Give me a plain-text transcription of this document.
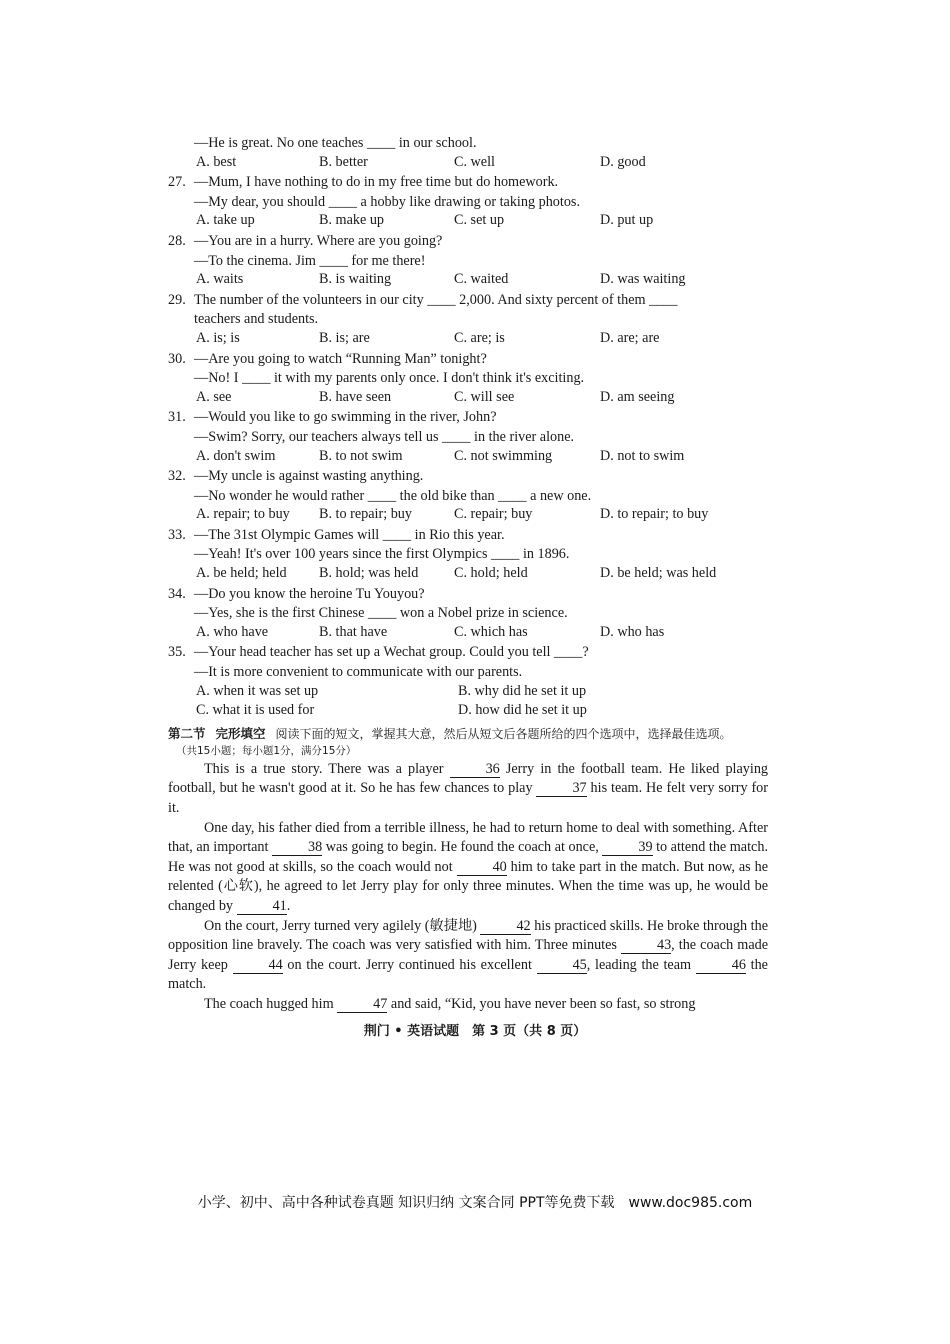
—He is great. No one teaches ____ in our school.
A. best	B. better	C. well	D. good
27. —Mum, I have nothing to do in my free time but do homework.
—My dear, you should ____ a hobby like drawing or taking photos.
A. take up	B. make up	C. set up	D. put up
28. —You are in a hurry. Where are you going?
—To the cinema. Jim ____ for me there!
A. waits	B. is waiting	C. waited	D. was waiting
29. The number of the volunteers in our city ____ 2,000. And sixty percent of them ____
teachers and students.
A. is; is	B. is; are	C. are; is	D. are; are
30. —Are you going to watch “Running Man” tonight?
—No! I ____ it with my parents only once. I don't think it's exciting.
A. see	B. have seen	C. will see	D. am seeing
31. —Would you like to go swimming in the river, John?
—Swim? Sorry, our teachers always tell us ____ in the river alone.
A. don't swim	B. to not swim	C. not swimming	D. not to swim
32. —My uncle is against wasting anything.
—No wonder he would rather ____ the old bike than ____ a new one.
A. repair; to buy B. to repair; buy	C. repair; buy	D. to repair; to buy
33. —The 31st Olympic Games will ____ in Rio this year.
—Yeah! It's over 100 years since the first Olympics ____ in 1896.
A. be held; held B. hold; was held	C. hold; held	D. be held; was held
34. —Do you know the heroine Tu Youyou?
—Yes, she is the first Chinese ____ won a Nobel prize in science.
A. who have	B. that have	C. which has	D. who has
35. —Your head teacher has set up a Wechat group. Could you tell ____?
—It is more convenient to communicate with our parents.
A. when it was set up	B. why did he set it up
C. what it is used for	D. how did he set it up
第二节 完形填空 阅读下面的短文，掌握其大意，然后从短文后各题所给的四个选项中，选择最佳选项。
（共15小题；每小题1分，满分15分）

This is a true story. There was a player	36 Jerry in the football team. He liked playing football, but he wasn't good at it. So he has few chances to play	37 his team. He felt very sorry for it.

One day, his father died from a terrible illness, he had to return home to deal with something. After that, an important	38 was going to begin. He found the coach at once,	39 to attend the match. He was not good at skills, so the coach would not	40 him to take part in the match. But now, as he relented (心软), he agreed to let Jerry play for only three minutes. When the time was up, he would be changed by	41.

On the court, Jerry turned very agilely (敏捷地)	42 his practiced skills. He broke through the opposition line bravely. The coach was very satisfied with him. Three minutes	43, the coach made Jerry keep	44 on the court. Jerry continued his excellent	45, leading the team	46 the match.

The coach hugged him	47 and said, “Kid, you have never been so fast, so strong

荆门 • 英语试题　第 3 页（共 8 页）
小学、初中、高中各种试卷真题 知识归纳 文案合同 PPT等免费下载　www.doc985.com
